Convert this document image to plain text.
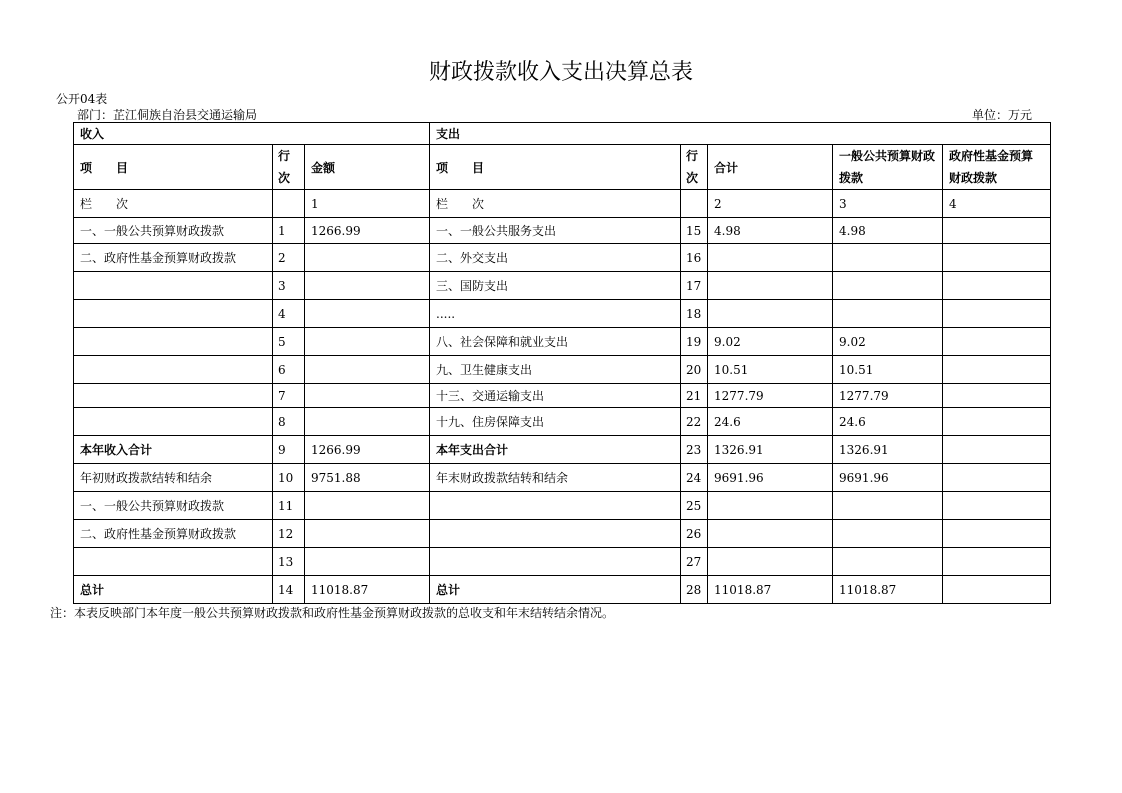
财政拨款收入支出决算总表
公开04表
部门：芷江侗族自治县交通运输局	单位：万元
收入			支出				
项　　目	行次	金额	项　　目	行次	合计	一般公共预算财政拨款	政府性基金预算财政拨款
栏　　次		1	栏　　次		2	3	4
一、一般公共预算财政拨款	1	1266.99	一、一般公共服务支出	15	4.98	4.98	
二、政府性基金预算财政拨款	2		二、外交支出	16			
	3		三、国防支出	17			
	4		.....	18			
	5		八、社会保障和就业支出	19	9.02	9.02	
	6		九、卫生健康支出	20	10.51	10.51	
	7		十三、交通运输支出	21	1277.79	1277.79	
	8		十九、住房保障支出	22	24.6	24.6	
本年收入合计	9	1266.99	本年支出合计	23	1326.91	1326.91	
年初财政拨款结转和结余	10	9751.88	年末财政拨款结转和结余	24	9691.96	9691.96	
一、一般公共预算财政拨款	11			25			
二、政府性基金预算财政拨款	12			26			
	13			27			
总计	14	11018.87	总计	28	11018.87	11018.87	
注：本表反映部门本年度一般公共预算财政拨款和政府性基金预算财政拨款的总收支和年末结转结余情况。
